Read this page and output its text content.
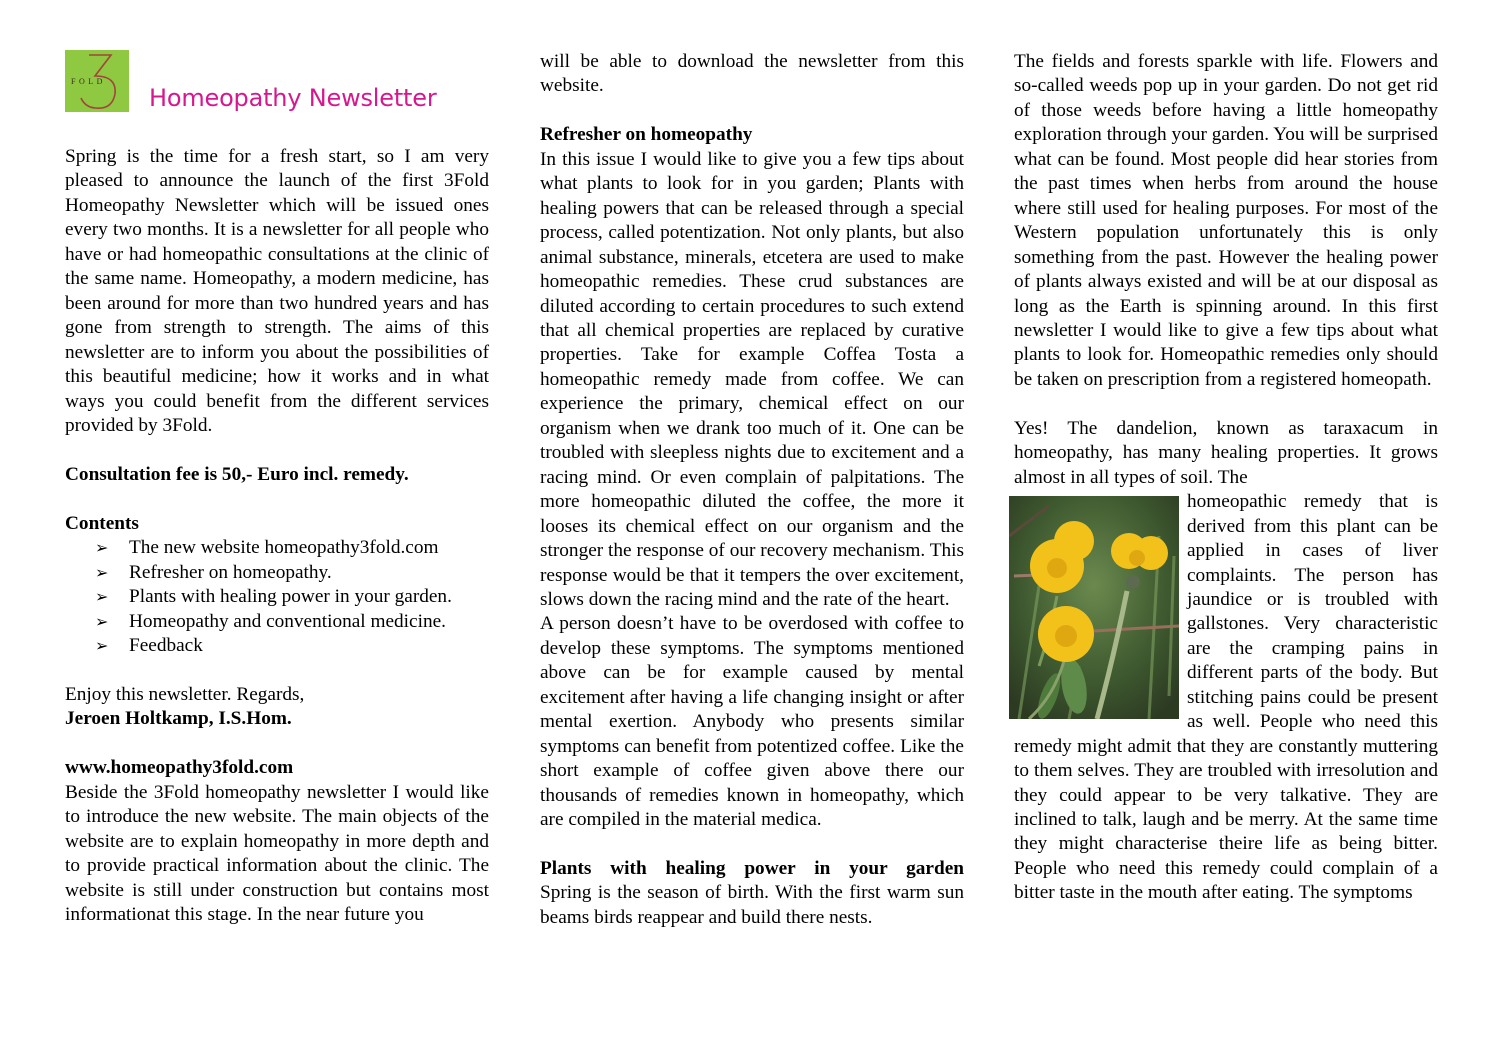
FOLD
Homeopathy Newsletter

Spring is the time for a fresh start, so I am very pleased to announce the launch of the first 3Fold Homeopathy Newsletter which will be issued ones every two months. It is a newsletter for all people who have or had homeopathic consultations at the clinic of the same name. Homeopathy, a modern medicine, has been around for more than two hundred years and has gone from strength to strength. The aims of this newsletter are to inform you about the possibilities of this beautiful medicine; how it works and in what ways you could benefit from the different services provided by 3Fold.

Consultation fee is 50,- Euro incl. remedy.

Contents

➢ The new website homeopathy3fold.com
➢ Refresher on homeopathy.
➢ Plants with healing power in your garden.
➢ Homeopathy and conventional medicine.
➢ Feedback

Enjoy this newsletter. Regards,

Jeroen Holtkamp, I.S.Hom.

www.homeopathy3fold.com

Beside the 3Fold homeopathy newsletter I would like to introduce the new website. The main objects of the website are to explain homeopathy in more depth and to provide practical information about the clinic. The website is still under construction but contains most informationat this stage. In the near future you

will be able to download the newsletter from this website.

Refresher on homeopathy

In this issue I would like to give you a few tips about what plants to look for in you garden; Plants with healing powers that can be released through a special process, called potentization. Not only plants, but also animal substance, minerals, etcetera are used to make homeopathic remedies. These crud substances are diluted according to certain procedures to such extend that all chemical properties are replaced by curative properties. Take for example Coffea Tosta a homeopathic remedy made from coffee. We can experience the primary, chemical effect on our organism when we drank too much of it. One can be troubled with sleepless nights due to excitement and a racing mind. Or even complain of palpitations. The more homeopathic diluted the coffee, the more it looses its chemical effect on our organism and the stronger the response of our recovery mechanism. This response would be that it tempers the over excitement, slows down the racing mind and the rate of the heart.

A person doesn’t have to be overdosed with coffee to develop these symptoms. The symptoms mentioned above can be for example caused by mental excitement after having a life changing insight or after mental exertion. Anybody who presents similar symptoms can benefit from potentized coffee. Like the short example of coffee given above there our thousands of remedies known in homeopathy, which are compiled in the material medica.

Plants with healing power in your garden

Spring is the season of birth. With the first warm sun beams birds reappear and build there nests.

The fields and forests sparkle with life. Flowers and so-called weeds pop up in your garden. Do not get rid of those weeds before having a little homeopathy exploration through your garden. You will be surprised what can be found. Most people did hear stories from the past times when herbs from around the house where still used for healing purposes. For most of the Western population unfortunately this is only something from the past. However the healing power of plants always existed and will be at our disposal as long as the Earth is spinning around. In this first newsletter I would like to give a few tips about what plants to look for. Homeopathic remedies only should be taken on prescription from a registered homeopath.

Yes! The dandelion, known as taraxacum in homeopathy, has many healing properties. It grows almost in all types of soil. The

homeopathic remedy that is derived from this plant can be applied in cases of liver complaints. The person has jaundice or is troubled with gallstones. Very characteristic are the cramping pains in different parts of the body. But stitching pains could be present as well. People who need this remedy might admit that they are constantly muttering to them selves. They are troubled with irresolution and they could appear to be very talkative. They are inclined to talk, laugh and be merry. At the same time they might characterise theire life as being bitter. People who need this remedy could complain of a bitter taste in the mouth after eating. The symptoms
